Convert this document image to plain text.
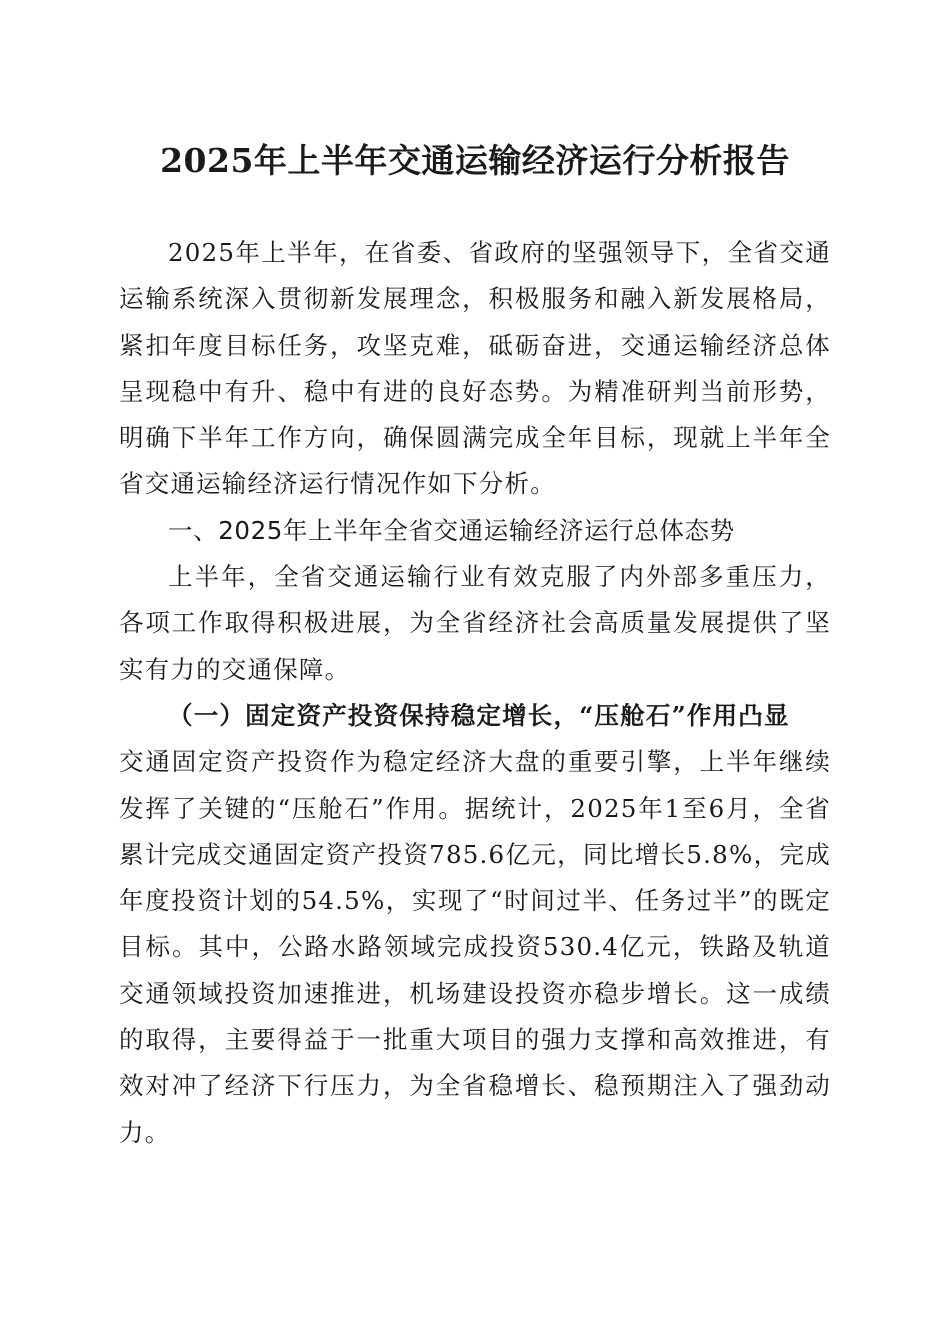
2025年上半年交通运输经济运行分析报告

2025年上半年，在省委、省政府的坚强领导下，全省交通运输系统深入贯彻新发展理念，积极服务和融入新发展格局，紧扣年度目标任务，攻坚克难，砥砺奋进，交通运输经济总体呈现稳中有升、稳中有进的良好态势。为精准研判当前形势，明确下半年工作方向，确保圆满完成全年目标，现就上半年全省交通运输经济运行情况作如下分析。

一、2025年上半年全省交通运输经济运行总体态势

上半年，全省交通运输行业有效克服了内外部多重压力，各项工作取得积极进展，为全省经济社会高质量发展提供了坚实有力的交通保障。

（一）固定资产投资保持稳定增长，“压舱石”作用凸显

交通固定资产投资作为稳定经济大盘的重要引擎，上半年继续发挥了关键的“压舱石”作用。据统计，2025年1至6月，全省累计完成交通固定资产投资785.6亿元，同比增长5.8%，完成年度投资计划的54.5%，实现了“时间过半、任务过半”的既定目标。其中，公路水路领域完成投资530.4亿元，铁路及轨道交通领域投资加速推进，机场建设投资亦稳步增长。这一成绩的取得，主要得益于一批重大项目的强力支撑和高效推进，有效对冲了经济下行压力，为全省稳增长、稳预期注入了强劲动力。
